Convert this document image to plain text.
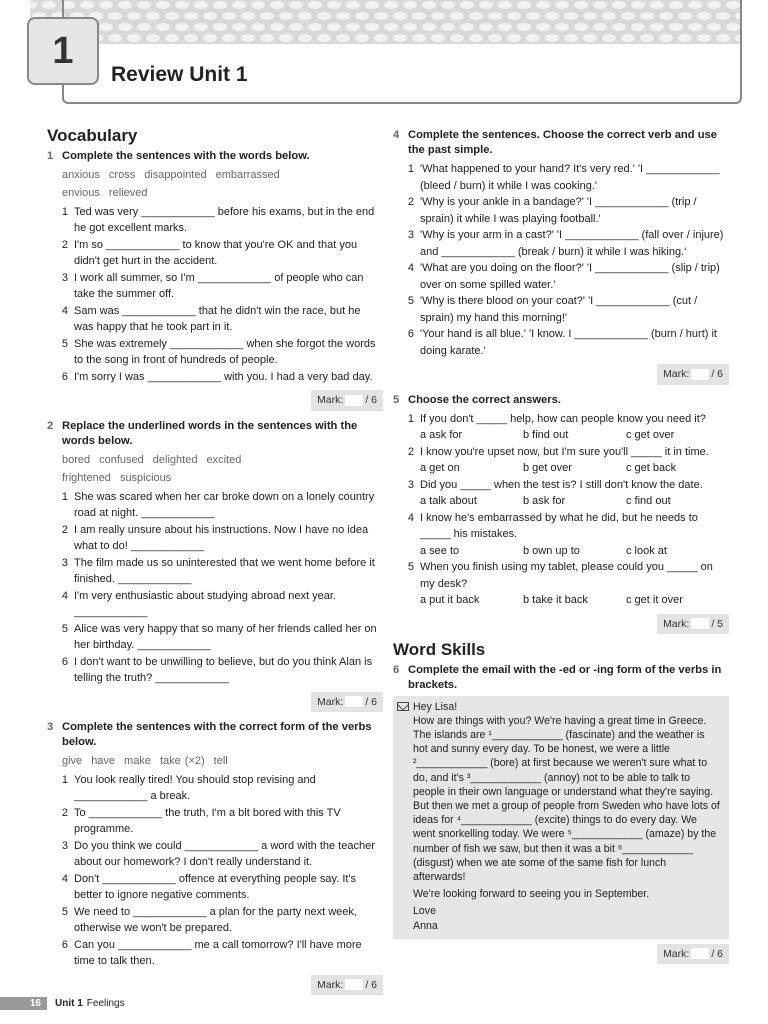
1
Review Unit 1
Vocabulary
1 Complete the sentences with the words below.
anxious cross disappointed embarrassed
envious relieved
1 Ted was very ____________ before his exams, but in the end he got excellent marks.
2 I'm so ____________ to know that you're OK and that you didn't get hurt in the accident.
3 I work all summer, so I'm ____________ of people who can take the summer off.
4 Sam was ____________ that he didn't win the race, but he was happy that he took part in it.
5 She was extremely ____________ when she forgot the words to the song in front of hundreds of people.
6 I'm sorry I was ____________ with you. I had a very bad day.
Mark: / 6
2 Replace the underlined words in the sentences with the words below.
bored confused delighted excited
frightened suspicious
1 She was scared when her car broke down on a lonely country road at night. ____________
2 I am really unsure about his instructions. Now I have no idea what to do! ____________
3 The film made us so uninterested that we went home before it finished. ____________
4 I'm very enthusiastic about studying abroad next year. ____________
5 Alice was very happy that so many of her friends called her on her birthday. ____________
6 I don't want to be unwilling to believe, but do you think Alan is telling the truth? ____________
Mark: / 6
3 Complete the sentences with the correct form of the verbs below.
give have make take (×2) tell
1 You look really tired! You should stop revising and ____________ a break.
2 To ____________ the truth, I'm a bit bored with this TV programme.
3 Do you think we could ____________ a word with the teacher about our homework? I don't really understand it.
4 Don't ____________ offence at everything people say. It's better to ignore negative comments.
5 We need to ____________ a plan for the party next week, otherwise we won't be prepared.
6 Can you ____________ me a call tomorrow? I'll have more time to talk then.
Mark: / 6
4 Complete the sentences. Choose the correct verb and use the past simple.
1 'What happened to your hand? It's very red.' 'I ____________ (bleed / burn) it while I was cooking.'
2 'Why is your ankle in a bandage?' 'I ____________ (trip / sprain) it while I was playing football.'
3 'Why is your arm in a cast?' 'I ____________ (fall over / injure) and ____________ (break / burn) it while I was hiking.'
4 'What are you doing on the floor?' 'I ____________ (slip / trip) over on some spilled water.'
5 'Why is there blood on your coat?' 'I ____________ (cut / sprain) my hand this morning!'
6 'Your hand is all blue.' 'I know. I ____________ (burn / hurt) it doing karate.'
Mark: / 6
5 Choose the correct answers.
1 If you don't _____ help, how can people know you need it?
a ask for	b find out	c get over
2 I know you're upset now, but I'm sure you'll _____ it in time.
a get on	b get over	c get back
3 Did you _____ when the test is? I still don't know the date.
a talk about	b ask for	c find out
4 I know he's embarrassed by what he did, but he needs to _____ his mistakes.
a see to	b own up to	c look at
5 When you finish using my tablet, please could you _____ on my desk?
a put it back	b take it back	c get it over
Mark: / 5
Word Skills
6 Complete the email with the -ed or -ing form of the verbs in brackets.
Hey Lisa!
How are things with you? We're having a great time in Greece. The islands are ¹____________ (fascinate) and the weather is hot and sunny every day. To be honest, we were a little ²____________ (bore) at first because we weren't sure what to do, and it's ³____________ (annoy) not to be able to talk to people in their own language or understand what they're saying. But then we met a group of people from Sweden who have lots of ideas for ⁴____________ (excite) things to do every day. We went snorkelling today. We were ⁵____________ (amaze) by the number of fish we saw, but then it was a bit ⁶____________ (disgust) when we ate some of the same fish for lunch afterwards!
We're looking forward to seeing you in September.
Love
Anna
Mark: / 6
16	Unit 1 Feelings
